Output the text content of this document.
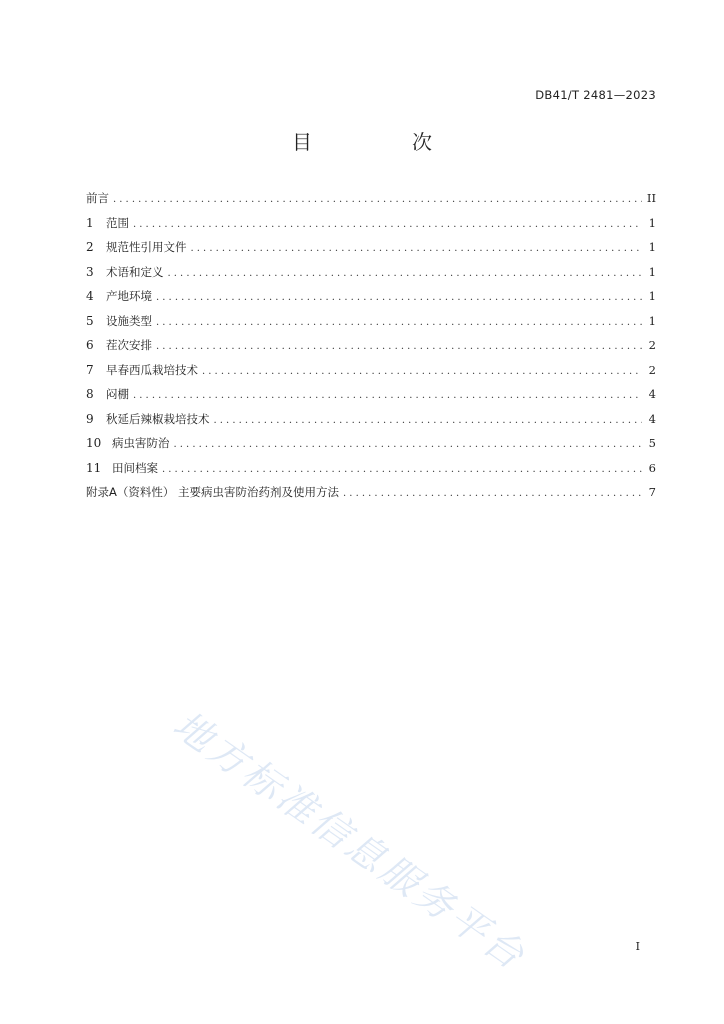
DB41/T 2481—2023
目　次
前言 .....	II
1	范围 .....	1
2	规范性引用文件 .....	1
3	术语和定义 .....	1
4	产地环境 .....	1
5	设施类型 .....	1
6	茬次安排 .....	2
7	早春西瓜栽培技术 .....	2
8	闷棚 .....	4
9	秋延后辣椒栽培技术 .....	4
10 病虫害防治 .....	5
11 田间档案 .....	6
附录A（资料性） 主要病虫害防治药剂及使用方法 .....	7
地方标准信息服务平台	I
